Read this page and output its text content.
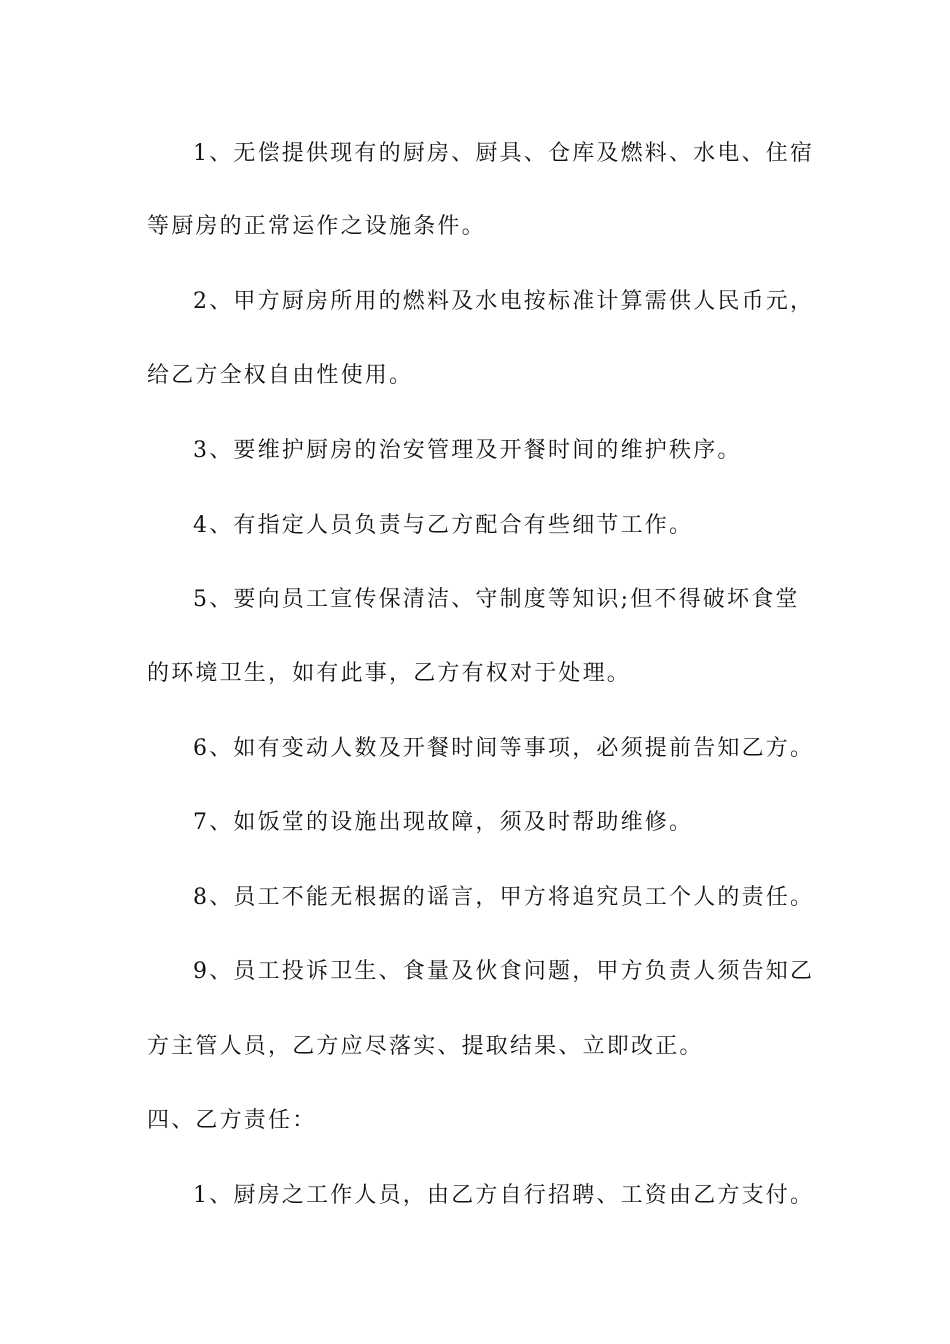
1、无偿提供现有的厨房、厨具、仓库及燃料、水电、住宿
等厨房的正常运作之设施条件。
2、甲方厨房所用的燃料及水电按标准计算需供人民币元，
给乙方全权自由性使用。
3、要维护厨房的治安管理及开餐时间的维护秩序。
4、有指定人员负责与乙方配合有些细节工作。
5、要向员工宣传保清洁、守制度等知识;但不得破坏食堂
的环境卫生，如有此事，乙方有权对于处理。
6、如有变动人数及开餐时间等事项，必须提前告知乙方。
7、如饭堂的设施出现故障，须及时帮助维修。
8、员工不能无根据的谣言，甲方将追究员工个人的责任。
9、员工投诉卫生、食量及伙食问题，甲方负责人须告知乙
方主管人员，乙方应尽落实、提取结果、立即改正。
四、乙方责任：
1、厨房之工作人员，由乙方自行招聘、工资由乙方支付。
